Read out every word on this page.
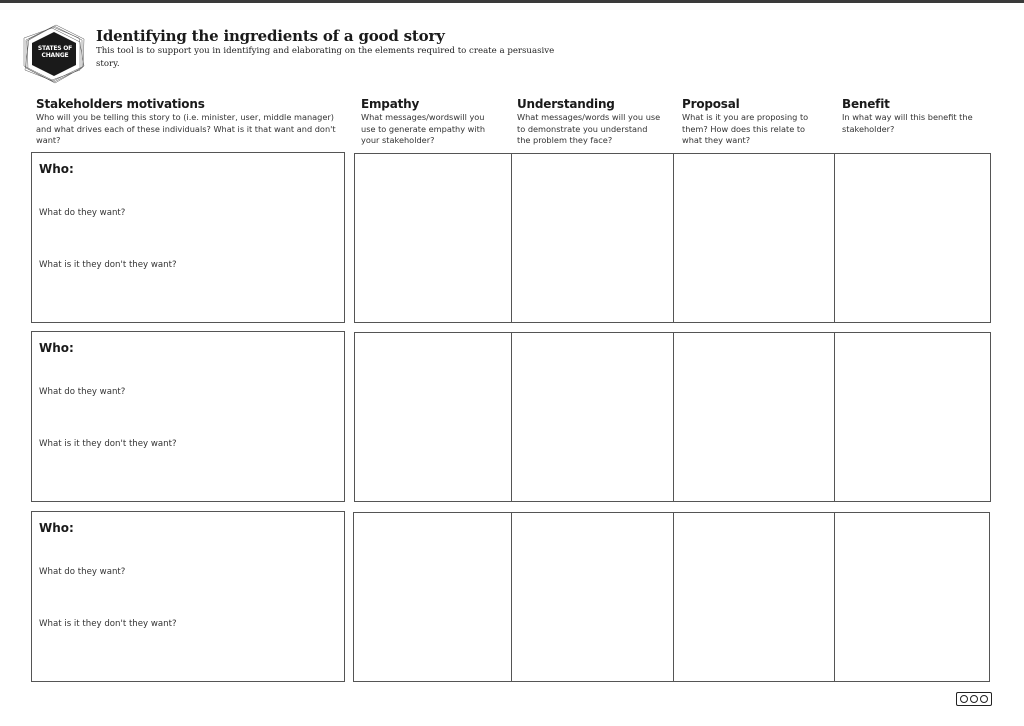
STATES OF CHANGE
Identifying the ingredients of a good story
This tool is to support you in identifying and elaborating on the elements required to create a persuasive story.
Stakeholders motivations
Who will you be telling this story to (i.e. minister, user, middle manager) and what drives each of these individuals? What is it that want and don't want?
Empathy
What messages/wordswill you use to generate empathy with your stakeholder?
Understanding
What messages/words will you use to demonstrate you understand the problem they face?
Proposal
What is it you are proposing to them? How does this relate to what they want?
Benefit
In what way will this benefit the stakeholder?
Who:
What do they want?
What is it they don't they want?
Who:
What do they want?
What is it they don't they want?
Who:
What do they want?
What is it they don't they want?
